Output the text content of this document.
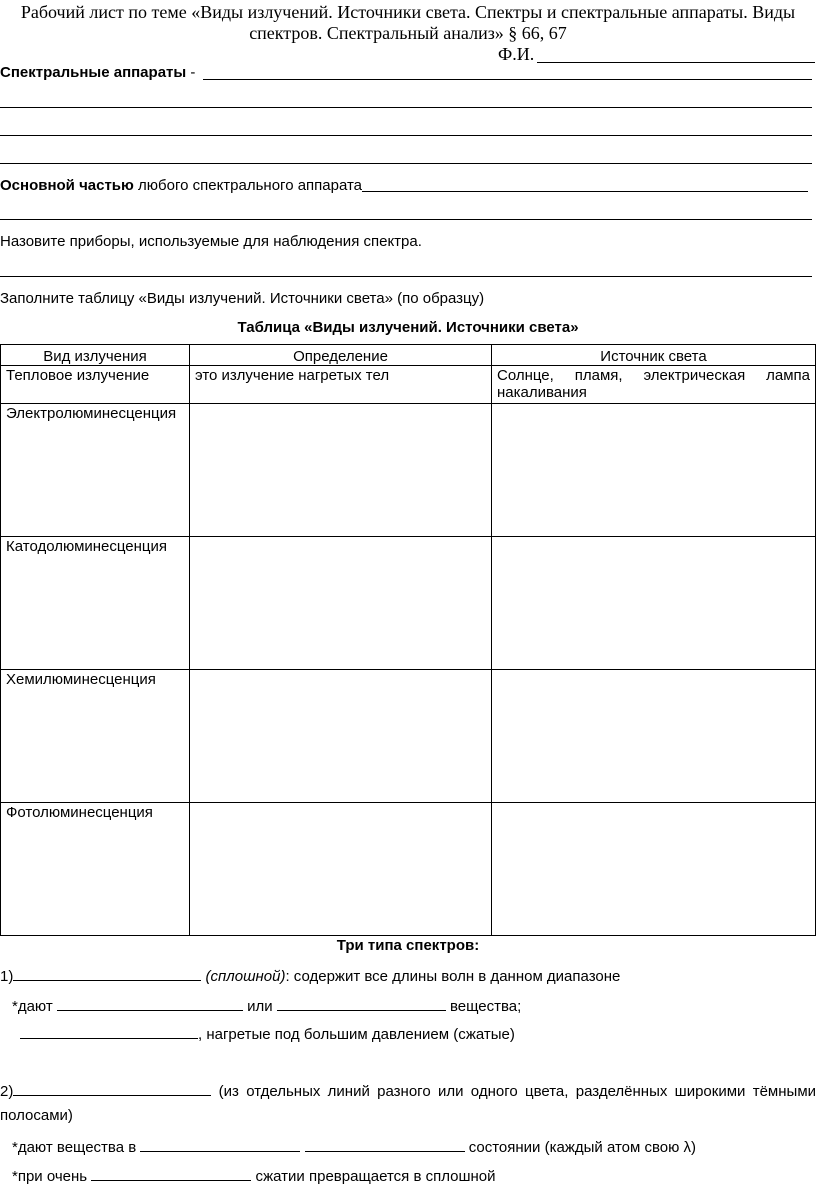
Рабочий лист по теме «Виды излучений. Источники света. Спектры и спектральные аппараты. Виды спектров. Спектральный анализ» § 66, 67
Ф.И.
Спектральные аппараты -
Основной частью любого спектрального аппарата
Назовите приборы, используемые для наблюдения спектра.
Заполните таблицу «Виды излучений. Источники света» (по образцу)
Таблица «Виды излучений. Источники света»
Вид излучения	Определение	Источник света
Тепловое излучение	это излучение нагретых тел	Солнце, пламя, электрическая лампа накаливания
Электролюминесценция		
Катодолюминесценция		
Хемилюминесценция		
Фотолюминесценция		
Три типа спектров:
1)	(сплошной): содержит все длины волн в данном диапазоне
*дают	или	вещества;
, нагретые под большим давлением (сжатые)
2)	(из отдельных линий разного или одного цвета, разделённых широкими тёмными полосами)
*дают вещества в	состоянии (каждый атом свою λ)
*при очень	сжатии превращается в сплошной
